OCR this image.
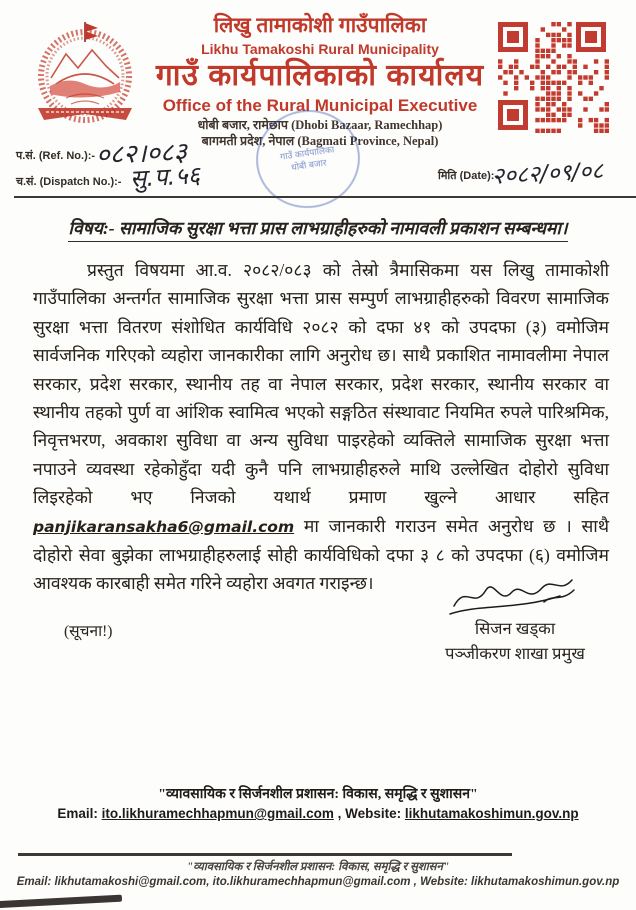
लिखु तामाकोशी गाउँपालिका
Likhu Tamakoshi Rural Municipality
गाउँ कार्यपालिकाको कार्यालय
Office of the Rural Municipal Executive
धोबी बजार, रामेछाप (Dhobi Bazaar, Ramechhap)
बागमती प्रदेश, नेपाल (Bagmati Province, Nepal)
गाउँ कार्यपालिका
धोबी बजार
प.सं. (Ref. No.):- ०८२।०८३
च.सं. (Dispatch No.):- सु.प.५६	मिति (Date):-
२०८२/०९/०८
विषय:- सामाजिक सुरक्षा भत्ता प्रास लाभग्राहीहरुको नामावली प्रकाशन सम्बन्धमा।
प्रस्तुत विषयमा आ.व. २०८२/०८३ को तेस्रो त्रैमासिकमा यस लिखु तामाकोशी गाउँपालिका अन्तर्गत सामाजिक सुरक्षा भत्ता प्रास सम्पुर्ण लाभग्राहीहरुको विवरण सामाजिक सुरक्षा भत्ता वितरण संशोधित कार्यविधि २०८२ को दफा ४१ को उपदफा (३) वमोजिम सार्वजनिक गरिएको व्यहोरा जानकारीका लागि अनुरोध छ। साथै प्रकाशित नामावलीमा नेपाल सरकार, प्रदेश सरकार, स्थानीय तह वा नेपाल सरकार, प्रदेश सरकार, स्थानीय सरकार वा स्थानीय तहको पुर्ण वा आंशिक स्वामित्व भएको सङ्गठित संस्थावाट नियमित रुपले पारिश्रमिक, निवृत्तभरण, अवकाश सुविधा वा अन्य सुविधा पाइरहेको व्यक्तिले सामाजिक सुरक्षा भत्ता नपाउने व्यवस्था रहेकोहुँदा यदी कुनै पनि लाभग्राहीहरुले माथि उल्लेखित दोहोरो सुविधा लिइरहेको भए निजको यथार्थ प्रमाण खुल्ने आधार सहित panjikaransakha6@gmail.com मा जानकारी गराउन समेत अनुरोध छ । साथै दोहोरो सेवा बुझेका लाभग्राहीहरुलाई सोही कार्यविधिको दफा ३ ८ को उपदफा (६) वमोजिम आवश्यक कारबाही समेत गरिने व्यहोरा अवगत गराइन्छ।
सिजन खड्का
पञ्जीकरण शाखा प्रमुख
(सूचना!)
"व्यावसायिक र सिर्जनशील प्रशासन: विकास, समृद्धि र सुशासन"
Email: ito.likhuramechhapmun@gmail.com , Website: likhutamakoshimun.gov.np
"व्यावसायिक र सिर्जनशील प्रशासन: विकास, समृद्धि र सुशासन"
Email: likhutamakoshi@gmail.com, ito.likhuramechhapmun@gmail.com , Website: likhutamakoshimun.gov.np
